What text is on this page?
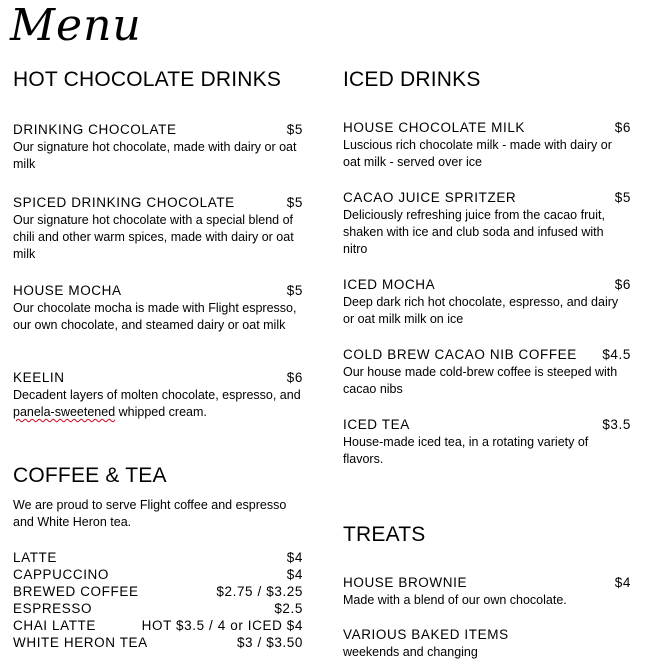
Menu
HOT CHOCOLATE DRINKS
DRINKING CHOCOLATE	$5
Our signature hot chocolate, made with dairy or oat milk
SPICED DRINKING CHOCOLATE	$5
Our signature hot chocolate with a special blend of chili and other warm spices, made with dairy or oat milk
HOUSE MOCHA	$5
Our chocolate mocha is made with Flight espresso, our own chocolate, and steamed dairy or oat milk
KEELIN	$6
Decadent layers of molten chocolate, espresso, and panela-sweetened whipped cream.
COFFEE & TEA
We are proud to serve Flight coffee and espresso and White Heron tea.
LATTE	$4
CAPPUCCINO	$4
BREWED COFFEE	$2.75 / $3.25
ESPRESSO	$2.5
CHAI LATTE	HOT $3.5 / 4 or ICED $4
WHITE HERON TEA	$3 / $3.50
ICED DRINKS
HOUSE CHOCOLATE MILK	$6
Luscious rich chocolate milk - made with dairy or oat milk - served over ice
CACAO JUICE SPRITZER	$5
Deliciously refreshing juice from the cacao fruit, shaken with ice and club soda and infused with nitro
ICED MOCHA	$6
Deep dark rich hot chocolate, espresso, and dairy or oat milk milk on ice
COLD BREW CACAO NIB COFFEE $4.5
Our house made cold-brew coffee is steeped with cacao nibs
ICED TEA	$3.5
House-made iced tea, in a rotating variety of flavors.
TREATS
HOUSE BROWNIE	$4
Made with a blend of our own chocolate.
VARIOUS BAKED ITEMS
weekends and changing
